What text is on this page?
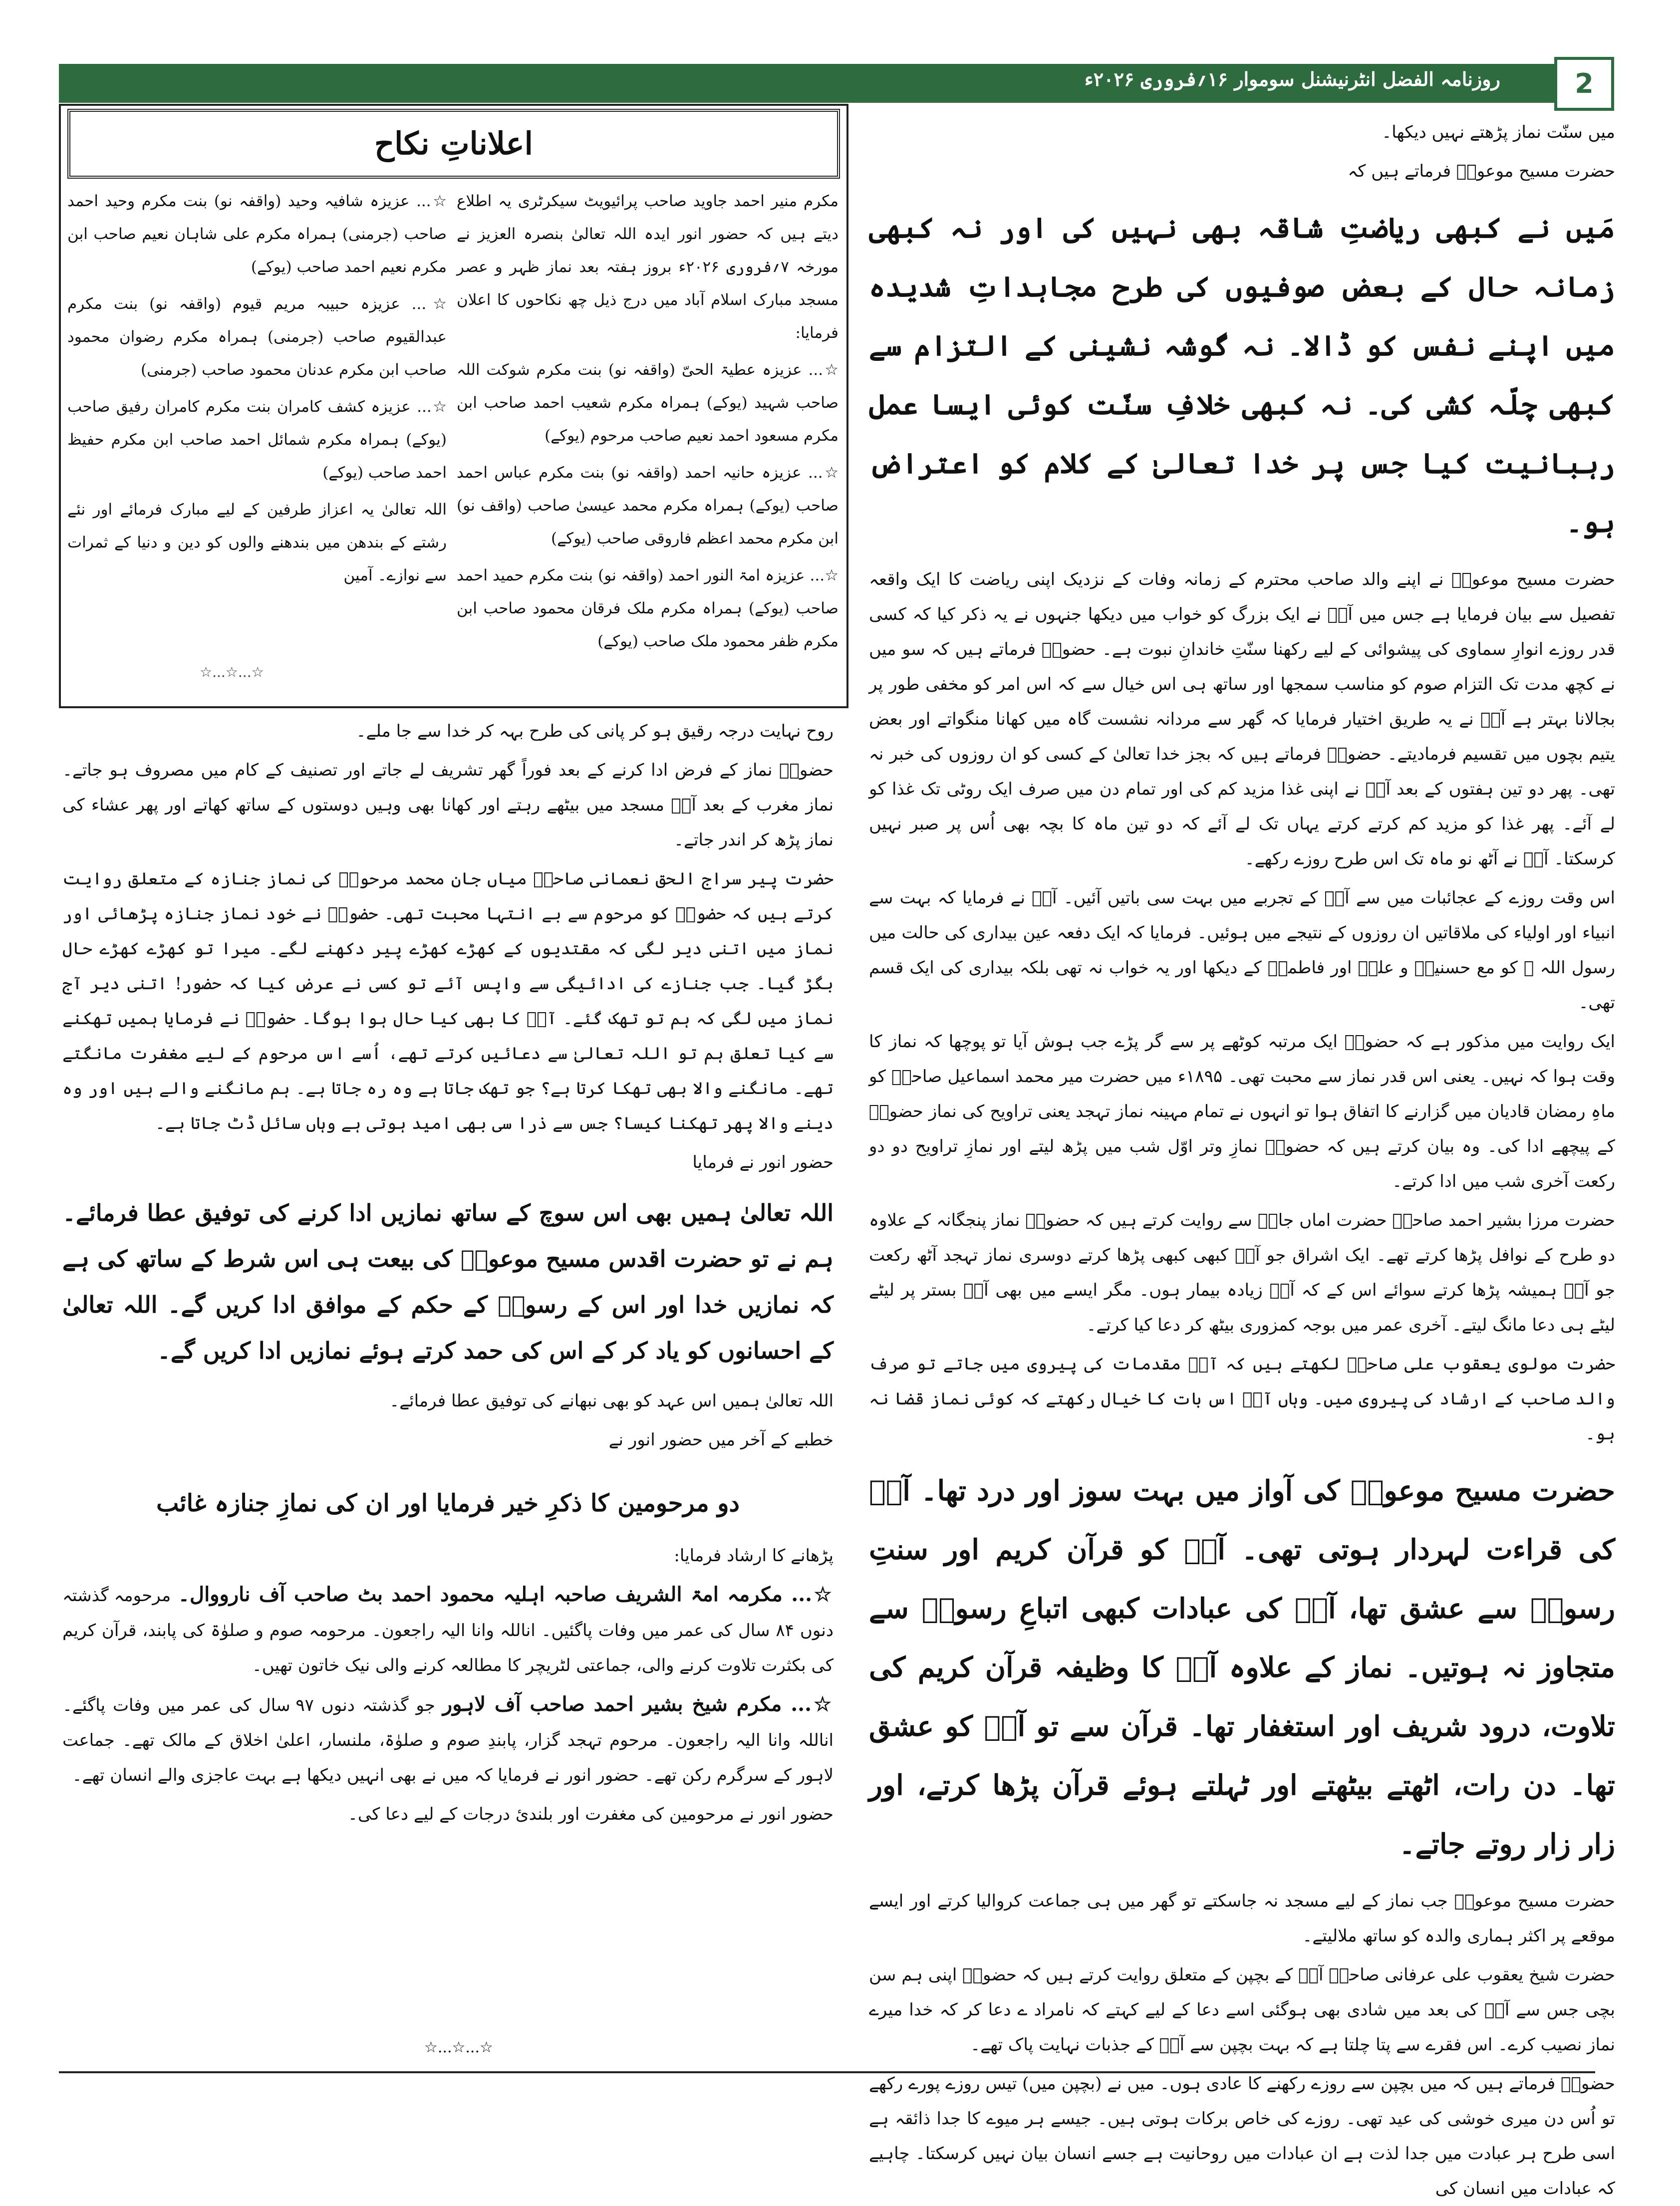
روزنامہ الفضل انٹرنیشنل سوموار ۱۶؍فروری ۲۰۲۶ء	2

میں سنّت نماز پڑھتے نہیں دیکھا۔

حضرت مسیح موعودؑ فرماتے ہیں کہ

مَیں نے کبھی ریاضتِ شاقہ بھی نہیں کی اور نہ کبھی زمانہ حال کے بعض صوفیوں کی طرح مجاہداتِ شدیدہ میں اپنے نفس کو ڈالا۔ نہ گوشہ نشینی کے التزام سے کبھی چلّہ کشی کی۔ نہ کبھی خلافِ سنّت کوئی ایسا عمل رہبانیت کیا جس پر خدا تعالیٰ کے کلام کو اعتراض ہو۔

حضرت مسیح موعودؑ نے اپنے والد صاحب محترم کے زمانہ وفات کے نزدیک اپنی ریاضت کا ایک واقعہ تفصیل سے بیان فرمایا ہے جس میں آپؑ نے ایک بزرگ کو خواب میں دیکھا جنہوں نے یہ ذکر کیا کہ کسی قدر روزے انوارِ سماوی کی پیشوائی کے لیے رکھنا سنّتِ خاندانِ نبوت ہے۔ حضورؑ فرماتے ہیں کہ سو میں نے کچھ مدت تک التزام صوم کو مناسب سمجھا اور ساتھ ہی اس خیال سے کہ اس امر کو مخفی طور پر بجالانا بہتر ہے آپؑ نے یہ طریق اختیار فرمایا کہ گھر سے مردانہ نشست گاہ میں کھانا منگواتے اور بعض یتیم بچوں میں تقسیم فرمادیتے۔ حضورؑ فرماتے ہیں کہ بجز خدا تعالیٰ کے کسی کو ان روزوں کی خبر نہ تھی۔ پھر دو تین ہفتوں کے بعد آپؑ نے اپنی غذا مزید کم کی اور تمام دن میں صرف ایک روٹی تک غذا کو لے آئے۔ پھر غذا کو مزید کم کرتے کرتے یہاں تک لے آئے کہ دو تین ماہ کا بچہ بھی اُس پر صبر نہیں کرسکتا۔ آپؑ نے آٹھ نو ماہ تک اس طرح روزے رکھے۔

اس وقت روزے کے عجائبات میں سے آپؑ کے تجربے میں بہت سی باتیں آئیں۔ آپؑ نے فرمایا کہ بہت سے انبیاء اور اولیاء کی ملاقاتیں ان روزوں کے نتیجے میں ہوئیں۔ فرمایا کہ ایک دفعہ عین بیداری کی حالت میں رسول اللہ ﷺ کو مع حسنینؓ و علیؓ اور فاطمہؓ کے دیکھا اور یہ خواب نہ تھی بلکہ بیداری کی ایک قسم تھی۔

ایک روایت میں مذکور ہے کہ حضورؑ ایک مرتبہ کوٹھے پر سے گر پڑے جب ہوش آیا تو پوچھا کہ نماز کا وقت ہوا کہ نہیں۔ یعنی اس قدر نماز سے محبت تھی۔ ۱۸۹۵ء میں حضرت میر محمد اسماعیل صاحبؓ کو ماہِ رمضان قادیان میں گزارنے کا اتفاق ہوا تو انہوں نے تمام مہینہ نماز تہجد یعنی تراویح کی نماز حضورؑ کے پیچھے ادا کی۔ وہ بیان کرتے ہیں کہ حضورؑ نمازِ وتر اوّل شب میں پڑھ لیتے اور نمازِ تراویح دو دو رکعت آخری شب میں ادا کرتے۔

حضرت مرزا بشیر احمد صاحبؓ حضرت اماں جانؓ سے روایت کرتے ہیں کہ حضورؑ نماز پنجگانہ کے علاوہ دو طرح کے نوافل پڑھا کرتے تھے۔ ایک اشراق جو آپؑ کبھی کبھی پڑھا کرتے دوسری نماز تہجد آٹھ رکعت جو آپؑ ہمیشہ پڑھا کرتے سوائے اس کے کہ آپؑ زیادہ بیمار ہوں۔ مگر ایسے میں بھی آپؑ بستر پر لیٹے لیٹے ہی دعا مانگ لیتے۔ آخری عمر میں بوجہ کمزوری بیٹھ کر دعا کیا کرتے۔

حضرت مولوی یعقوب علی صاحبؓ لکھتے ہیں کہ آپؑ مقدمات کی پیروی میں جاتے تو صرف والد صاحب کے ارشاد کی پیروی میں۔ وہاں آپؑ اس بات کا خیال رکھتے کہ کوئی نماز قضا نہ ہو۔

حضرت مسیح موعودؑ کی آواز میں بہت سوز اور درد تھا۔ آپؑ کی قراءت لہردار ہوتی تھی۔ آپؑ کو قرآن کریم اور سنتِ رسولؐ سے عشق تھا، آپؑ کی عبادات کبھی اتباعِ رسولؐ سے متجاوز نہ ہوتیں۔ نماز کے علاوہ آپؑ کا وظیفہ قرآن کریم کی تلاوت، درود شریف اور استغفار تھا۔ قرآن سے تو آپؑ کو عشق تھا۔ دن رات، اٹھتے بیٹھتے اور ٹہلتے ہوئے قرآن پڑھا کرتے، اور زار زار روتے جاتے۔

حضرت مسیح موعودؑ جب نماز کے لیے مسجد نہ جاسکتے تو گھر میں ہی جماعت کروالیا کرتے اور ایسے موقعے پر اکثر ہماری والدہ کو ساتھ ملالیتے۔

حضرت شیخ یعقوب علی عرفانی صاحبؓ آپؑ کے بچپن کے متعلق روایت کرتے ہیں کہ حضورؑ اپنی ہم سن بچی جس سے آپؑ کی بعد میں شادی بھی ہوگئی اسے دعا کے لیے کہتے کہ نامراد ے دعا کر کہ خدا میرے نماز نصیب کرے۔ اس فقرے سے پتا چلتا ہے کہ بہت بچپن سے آپؑ کے جذبات نہایت پاک تھے۔

حضورؑ فرماتے ہیں کہ میں بچپن سے روزے رکھنے کا عادی ہوں۔ میں نے (بچپن میں) تیس روزے پورے رکھے تو اُس دن میری خوشی کی عید تھی۔ روزے کی خاص برکات ہوتی ہیں۔ جیسے ہر میوے کا جدا ذائقہ ہے اسی طرح ہر عبادت میں جدا لذت ہے ان عبادات میں روحانیت ہے جسے انسان بیان نہیں کرسکتا۔ چاہیے کہ عبادات میں انسان کی

اعلاناتِ نکاح

مکرم منیر احمد جاوید صاحب پرائیویٹ سیکرٹری یہ اطلاع دیتے ہیں کہ حضور انور ایدہ اللہ تعالیٰ بنصرہ العزیز نے مورخہ ۷؍فروری ۲۰۲۶ء بروز ہفتہ بعد نماز ظہر و عصر مسجد مبارک اسلام آباد میں درج ذیل چھ نکاحوں کا اعلان فرمایا:

☆... عزیزہ عطیۃ الحیّ (واقفہ نو) بنت مکرم شوکت اللہ صاحب شہید (یوکے) ہمراہ مکرم شعیب احمد صاحب ابن مکرم مسعود احمد نعیم صاحب مرحوم (یوکے)

☆... عزیزہ حانیہ احمد (واقفہ نو) بنت مکرم عباس احمد صاحب (یوکے) ہمراہ مکرم محمد عیسیٰ صاحب (واقف نو) ابن مکرم محمد اعظم فاروقی صاحب (یوکے)

☆... عزیزہ امۃ النور احمد (واقفہ نو) بنت مکرم حمید احمد صاحب (یوکے) ہمراہ مکرم ملک فرقان محمود صاحب ابن مکرم ظفر محمود ملک صاحب (یوکے)

☆... عزیزہ شافیہ وحید (واقفہ نو) بنت مکرم وحید احمد صاحب (جرمنی) ہمراہ مکرم علی شاہان نعیم صاحب ابن مکرم نعیم احمد صاحب (یوکے)

☆... عزیزہ حبیبہ مریم قیوم (واقفہ نو) بنت مکرم عبدالقیوم صاحب (جرمنی) ہمراہ مکرم رضوان محمود صاحب ابن مکرم عدنان محمود صاحب (جرمنی)

☆... عزیزہ کشف کامران بنت مکرم کامران رفیق صاحب (یوکے) ہمراہ مکرم شمائل احمد صاحب ابن مکرم حفیظ احمد صاحب (یوکے)

اللہ تعالیٰ یہ اعزاز طرفین کے لیے مبارک فرمائے اور نئے رشتے کے بندھن میں بندھنے والوں کو دین و دنیا کے ثمرات سے نوازے۔ آمین

☆...☆...☆

روح نہایت درجہ رقیق ہو کر پانی کی طرح بہہ کر خدا سے جا ملے۔

حضورؑ نماز کے فرض ادا کرنے کے بعد فوراً گھر تشریف لے جاتے اور تصنیف کے کام میں مصروف ہو جاتے۔ نماز مغرب کے بعد آپؑ مسجد میں بیٹھے رہتے اور کھانا بھی وہیں دوستوں کے ساتھ کھاتے اور پھر عشاء کی نماز پڑھ کر اندر جاتے۔

حضرت پیر سراج الحق نعمانی صاحبؓ میاں جان محمد مرحومؓ کی نماز جنازہ کے متعلق روایت کرتے ہیں کہ حضورؑ کو مرحوم سے بے انتہا محبت تھی۔ حضورؑ نے خود نماز جنازہ پڑھائی اور نماز میں اتنی دیر لگی کہ مقتدیوں کے کھڑے کھڑے پیر دکھنے لگے۔ میرا تو کھڑے کھڑے حال بگڑ گیا۔ جب جنازے کی ادائیگی سے واپس آئے تو کسی نے عرض کیا کہ حضور! اتنی دیر آج نماز میں لگی کہ ہم تو تھک گئے۔ آپؑ کا بھی کیا حال ہوا ہوگا۔ حضورؑ نے فرمایا ہمیں تھکنے سے کیا تعلق ہم تو اللہ تعالیٰ سے دعائیں کرتے تھے، اُسے اس مرحوم کے لیے مغفرت مانگتے تھے۔ مانگنے والا بھی تھکا کرتا ہے؟ جو تھک جاتا ہے وہ رہ جاتا ہے۔ ہم مانگنے والے ہیں اور وہ دینے والا پھر تھکنا کیسا؟ جس سے ذرا سی بھی امید ہوتی ہے وہاں سائل ڈٹ جاتا ہے۔

حضور انور نے فرمایا

اللہ تعالیٰ ہمیں بھی اس سوچ کے ساتھ نمازیں ادا کرنے کی توفیق عطا فرمائے۔ ہم نے تو حضرت اقدس مسیح موعودؑ کی بیعت ہی اس شرط کے ساتھ کی ہے کہ نمازیں خدا اور اس کے رسولؐ کے حکم کے موافق ادا کریں گے۔ اللہ تعالیٰ کے احسانوں کو یاد کر کے اس کی حمد کرتے ہوئے نمازیں ادا کریں گے۔

اللہ تعالیٰ ہمیں اس عہد کو بھی نبھانے کی توفیق عطا فرمائے۔

خطبے کے آخر میں حضور انور نے

دو مرحومین کا ذکرِ خیر فرمایا اور ان کی نمازِ جنازہ غائب

پڑھانے کا ارشاد فرمایا:

☆... مکرمہ امۃ الشریف صاحبہ اہلیہ محمود احمد بٹ صاحب آف نارووال۔ مرحومہ گذشتہ دنوں ۸۴ سال کی عمر میں وفات پاگئیں۔ اناللہ وانا الیہ راجعون۔ مرحومہ صوم و صلوٰۃ کی پابند، قرآن کریم کی بکثرت تلاوت کرنے والی، جماعتی لٹریچر کا مطالعہ کرنے والی نیک خاتون تھیں۔

☆... مکرم شیخ بشیر احمد صاحب آف لاہور جو گذشتہ دنوں ۹۷ سال کی عمر میں وفات پاگئے۔ اناللہ وانا الیہ راجعون۔ مرحوم تہجد گزار، پابندِ صوم و صلوٰۃ، ملنسار، اعلیٰ اخلاق کے مالک تھے۔ جماعت لاہور کے سرگرم رکن تھے۔ حضور انور نے فرمایا کہ میں نے بھی انہیں دیکھا ہے بہت عاجزی والے انسان تھے۔

حضور انور نے مرحومین کی مغفرت اور بلندیٔ درجات کے لیے دعا کی۔

☆...☆...☆
